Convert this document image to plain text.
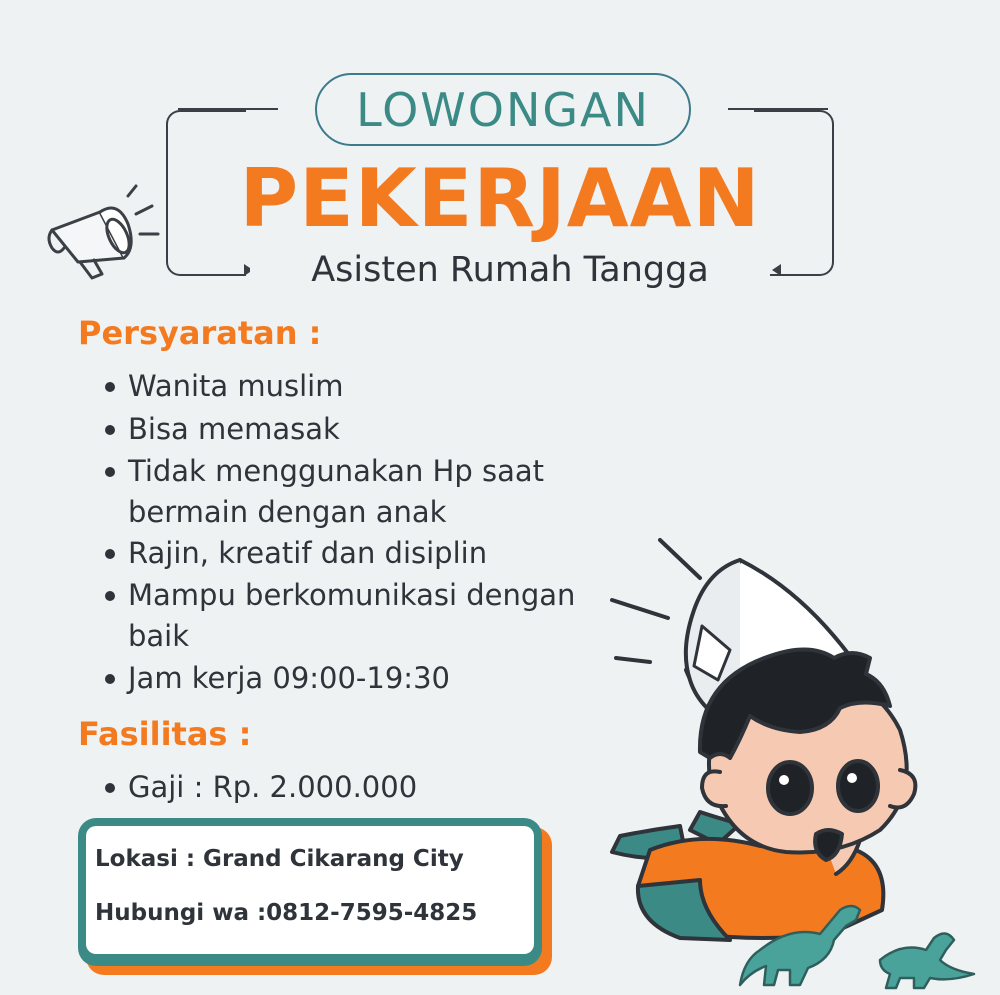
LOWONGAN
PEKERJAAN
Asisten Rumah Tangga
Persyaratan :
Wanita muslim
Bisa memasak
Tidak menggunakan Hp saat
bermain dengan anak
Rajin, kreatif dan disiplin
Mampu berkomunikasi dengan
baik
Jam kerja 09:00-19:30
Fasilitas :
Gaji : Rp. 2.000.000
Lokasi : Grand Cikarang City
Hubungi wa :0812-7595-4825
